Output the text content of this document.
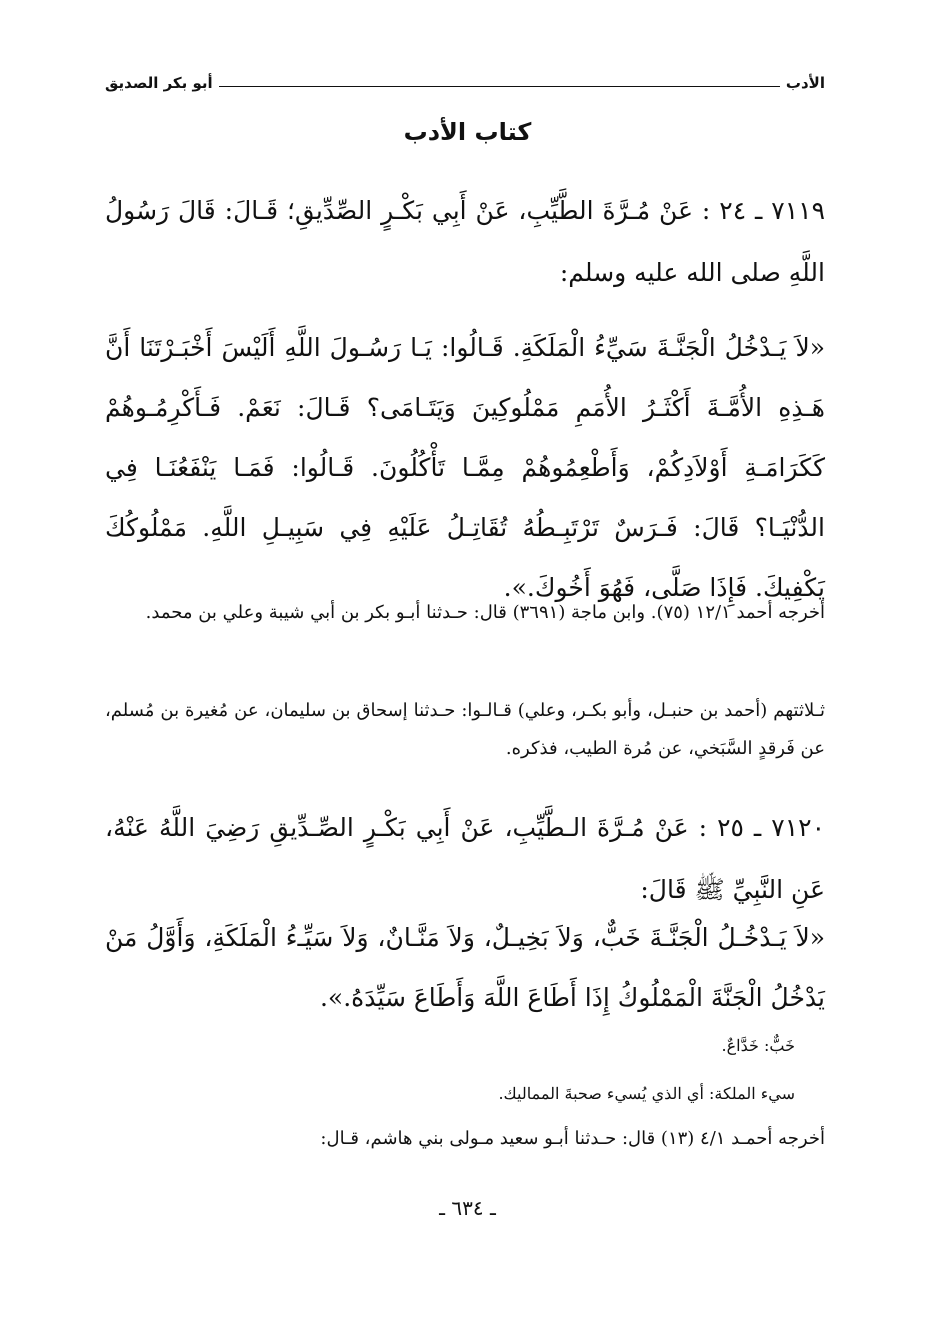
الأدب
أبو بكر الصديق
كتاب الأدب
٧١١٩ ـ ٢٤ : عَنْ مُـرَّةَ الطَّيِّبِ، عَنْ أَبِي بَكْـرٍ الصِّدِّيقِ؛ قَـالَ: قَالَ رَسُولُ اللَّهِ صلى الله عليه وسلم:
«لاَ يَـدْخُلُ الْجَنَّـةَ سَيِّءُ الْمَلَكَةِ. قَـالُوا: يَـا رَسُـولَ اللَّهِ أَلَيْسَ أَخْبَـرْتَنَا أَنَّ هَـذِهِ الأُمَّـةَ أَكْثَـرُ الأُمَمِ مَمْلُوكِينَ وَيَتَـامَى؟ قَـالَ: نَعَمْ. فَـأَكْرِمُـوهُمْ كَكَرَامَـةِ أَوْلاَدِكُمْ، وَأَطْعِمُوهُمْ مِمَّـا تَأْكُلُونَ. قَـالُوا: فَمَـا يَنْفَعُنَـا فِي الدُّنْيَـا؟ قَالَ: فَـرَسٌ تَرْتَبِـطُهُ تُقَاتِـلُ عَلَيْهِ فِي سَبِيـلِ اللَّهِ. مَمْلُوكُكَ يَكْفِيكَ. فَإِذَا صَلَّى، فَهُوَ أَخُوكَ.».
أخرجه أحمد ١٢/١ (٧٥). وابن ماجة (٣٦٩١) قال: حـدثنا أبـو بكر بن أبي شيبة وعلي بن محمد.
ثـلاثتهم (أحمد بن حنبـل، وأبو بكـر، وعلي) قـالـوا: حـدثنا إسحاق بن سليمان، عن مُغيرة بن مُسلم، عن فَرقدٍ السَّبَخي، عن مُرة الطيب، فذكره.
٧١٢٠ ـ ٢٥ : عَنْ مُـرَّةَ الـطَّيِّبِ، عَنْ أَبِي بَكْـرٍ الصِّـدِّيقِ رَضِيَ اللَّهُ عَنْهُ، عَنِ النَّبِيِّ ﷺ قَالَ:
«لاَ يَـدْخُـلُ الْجَنَّـةَ خَبٌّ، وَلاَ بَخِيـلٌ، وَلاَ مَنَّـانٌ، وَلاَ سَيِّـءُ الْمَلَكَةِ، وَأَوَّلُ مَنْ يَدْخُلُ الْجَنَّةَ الْمَمْلُوكُ إِذَا أَطَاعَ اللَّهَ وَأَطَاعَ سَيِّدَهُ.».
خَبٌّ: خَدَّاعٌ.
سيء الملكة: أي الذي يُسيء صحبةَ المماليك.
أخرجه أحمـد ٤/١ (١٣) قال: حـدثنا أبـو سعيد مـولى بني هاشم، قـال:
ـ ٦٣٤ ـ
